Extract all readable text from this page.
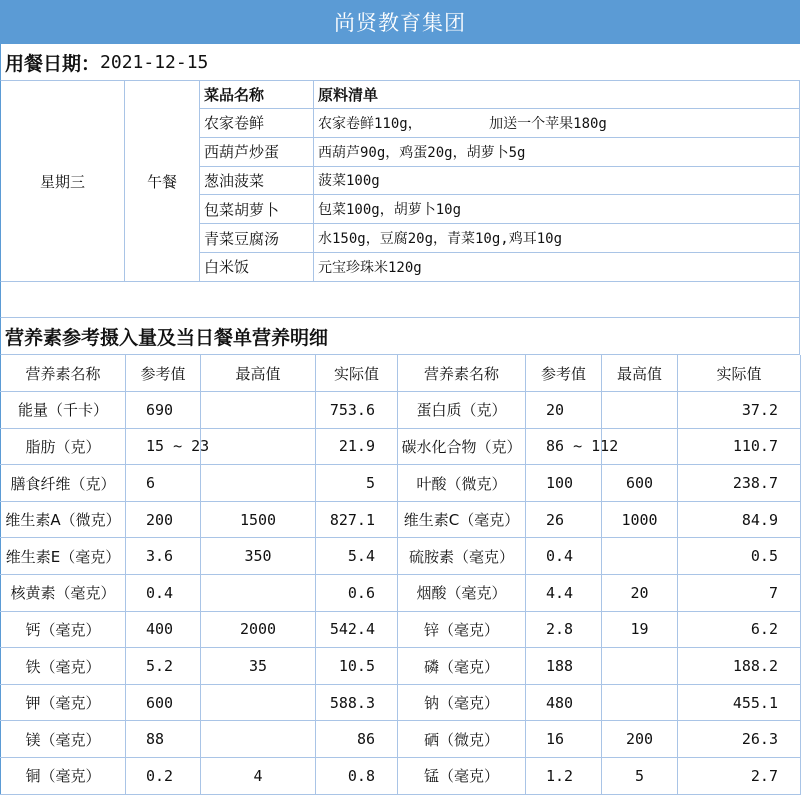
尚贤教育集团
用餐日期： 2021-12-15
星期三	午餐
菜品名称	原料清单
农家卷鲜	农家卷鲜110g，        加送一个苹果180g
西葫芦炒蛋	西葫芦90g，鸡蛋20g，胡萝卜5g
葱油菠菜	菠菜100g
包菜胡萝卜	包菜100g，胡萝卜10g
青菜豆腐汤	水150g，豆腐20g，青菜10g,鸡耳10g
白米饭	元宝珍珠米120g
营养素参考摄入量及当日餐单营养明细
营养素名称	参考值	最高值	实际值	营养素名称	参考值	最高值	实际值
能量（千卡）	690		753.6	蛋白质（克）	20		37.2
脂肪（克）	15 ~ 23		21.9	碳水化合物（克）	86 ~ 112		110.7
膳食纤维（克）	6		5	叶酸（微克）	100	600	238.7
维生素A（微克）	200	1500	827.1	维生素C（毫克）	26	1000	84.9
维生素E（毫克）	3.6	350	5.4	硫胺素（毫克）	0.4		0.5
核黄素（毫克）	0.4		0.6	烟酸（毫克）	4.4	20	7
钙（毫克）	400	2000	542.4	锌（毫克）	2.8	19	6.2
铁（毫克）	5.2	35	10.5	磷（毫克）	188		188.2
钾（毫克）	600		588.3	钠（毫克）	480		455.1
镁（毫克）	88		86	硒（微克）	16	200	26.3
铜（毫克）	0.2	4	0.8	锰（毫克）	1.2	5	2.7
